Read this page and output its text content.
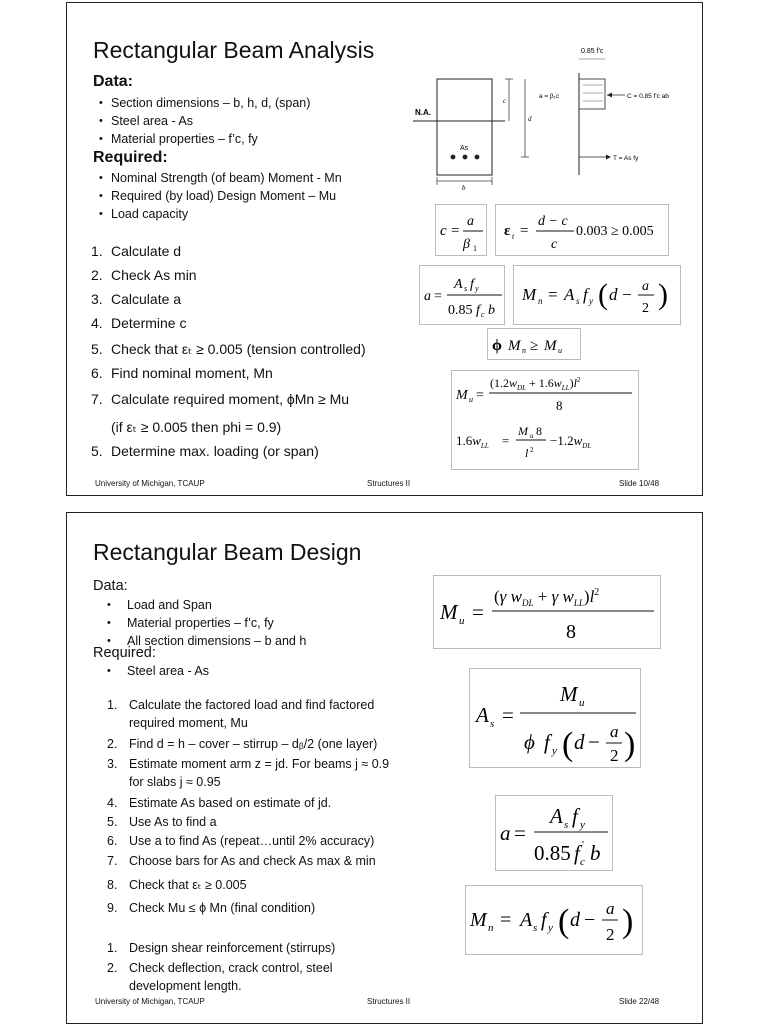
Rectangular Beam Analysis
Data:
• Section dimensions – b, h, d, (span)
• Steel area - As
• Material properties – f’c, fy
Required:
• Nominal Strength (of beam) Moment - Mn
• Required (by load) Design Moment – Mu
• Load capacity
1. Calculate d
2. Check As min
3. Calculate a
4. Determine c
5. Check that εₜ ≥ 0.005 (tension controlled)
6. Find nominal moment, Mn
7. Calculate required moment, ϕMn ≥ Mu
(if εₜ ≥ 0.005 then phi = 0.9)
5. Determine max. loading (or span)
N.A.
As
c
d
b
0.85 f'c
a = β₁c	C = 0.85 f'c ab
T = As fy
c =
a
β 1
ε t =
d − c
c
0.003 ≥ 0.005
a =
A s f y
0.85 f c b
M n = A s f y ( d − a
2 )
ϕ M n ≥ M u
M u =
$(1.2w_{DL} + 1.6w_{LL})l^2$
8
$1.6w_{LL}$ =
M u 8
l 2
$-1.2w_{DL}$
University of Michigan, TCAUP	Structures II	Slide 10/48
Rectangular Beam Design
Data:
• Load and Span
• Material properties – f’c, fy
• All section dimensions – b and h
Required:
• Steel area - As
1. Calculate the factored load and find factored
required moment, Mu
2. Find d = h – cover – stirrup – dᵦ/2 (one layer)
3. Estimate moment arm z = jd. For beams j ≈ 0.9
for slabs j ≈ 0.95
4. Estimate As based on estimate of jd.
5. Use As to find a
6. Use a to find As (repeat…until 2% accuracy)
7. Choose bars for As and check As max & min
8. Check that εₜ ≥ 0.005
9. Check Mu ≤ ϕ Mn (final condition)
1. Design shear reinforcement (stirrups)
2. Check deflection, crack control, steel
development length.
M u =
(γ $w_{DL} + \gamma$ $w_{LL})l^2$
8
A s =
M u
ϕ f y ( d − a
2 )
a =
A s f y
0.85 f c
' b
M n = A s f y ( d −
a
2 )
University of Michigan, TCAUP	Structures II	Slide 22/48
